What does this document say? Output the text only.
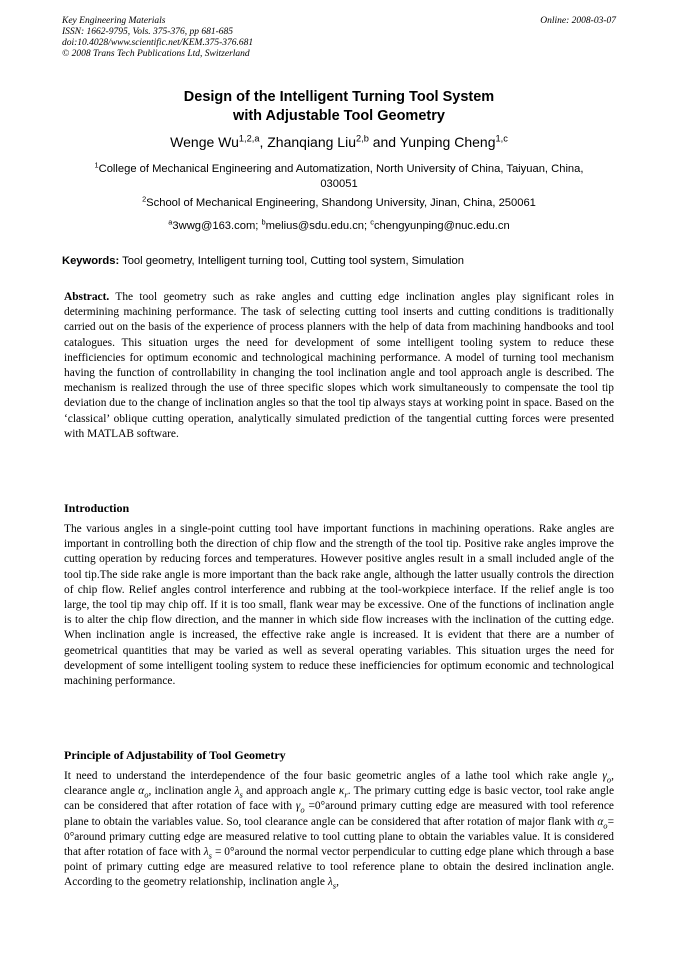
Key Engineering Materials
ISSN: 1662-9795, Vols. 375-376, pp 681-685
doi:10.4028/www.scientific.net/KEM.375-376.681
© 2008 Trans Tech Publications Ltd, Switzerland
Online: 2008-03-07
Design of the Intelligent Turning Tool System
with Adjustable Tool Geometry
Wenge Wu$^{1,2,a}$, Zhanqiang Liu$^{2,b}$ and Yunping Cheng$^{1,c}$
$^1$College of Mechanical Engineering and Automatization, North University of China, Taiyuan, China, 030051
$^2$School of Mechanical Engineering, Shandong University, Jinan, China, 250061
$^a$3wwg@163.com; $^b$melius@sdu.edu.cn; $^c$chengyunping@nuc.edu.cn
Keywords: Tool geometry, Intelligent turning tool, Cutting tool system, Simulation
Abstract. The tool geometry such as rake angles and cutting edge inclination angles play significant roles in determining machining performance. The task of selecting cutting tool inserts and cutting conditions is traditionally carried out on the basis of the experience of process planners with the help of data from machining handbooks and tool catalogues. This situation urges the need for development of some intelligent tooling system to reduce these inefficiencies for optimum economic and technological machining performance. A model of turning tool mechanism having the function of controllability in changing the tool inclination angle and tool approach angle is described. The mechanism is realized through the use of three specific slopes which work simultaneously to compensate the tool tip deviation due to the change of inclination angles so that the tool tip always stays at working point in space. Based on the ‘classical’ oblique cutting operation, analytically simulated prediction of the tangential cutting forces were presented with MATLAB software.
Introduction
The various angles in a single-point cutting tool have important functions in machining operations. Rake angles are important in controlling both the direction of chip flow and the strength of the tool tip. Positive rake angles improve the cutting operation by reducing forces and temperatures. However positive angles result in a small included angle of the tool tip.The side rake angle is more important than the back rake angle, although the latter usually controls the direction of chip flow. Relief angles control interference and rubbing at the tool-workpiece interface. If the relief angle is too large, the tool tip may chip off. If it is too small, flank wear may be excessive. One of the functions of inclination angle is to alter the chip flow direction, and the manner in which side flow increases with the inclination of the cutting edge. When inclination angle is increased, the effective rake angle is increased. It is evident that there are a number of geometrical quantities that may be varied as well as several operating variables. This situation urges the need for development of some intelligent tooling system to reduce these inefficiencies for optimum economic and technological machining performance.
Principle of Adjustability of Tool Geometry
It need to understand the interdependence of the four basic geometric angles of a lathe tool which rake angle $\gamma_o$, clearance angle $\alpha_o$, inclination angle $\lambda_s$ and approach angle $\kappa_r$. The primary cutting edge is basic vector, tool rake angle can be considered that after rotation of face with $\gamma_o$ =0°around primary cutting edge are measured with tool reference plane to obtain the variables value. So, tool clearance angle can be considered that after rotation of major flank with $\alpha_o=$ 0°around primary cutting edge are measured relative to tool cutting plane to obtain the variables value. It is considered that after rotation of face with $\lambda_s$ = 0°around the normal vector perpendicular to cutting edge plane which through a base point of primary cutting edge are measured relative to tool reference plane to obtain the desired inclination angle. According to the geometry relationship, inclination angle $\lambda_s$,
